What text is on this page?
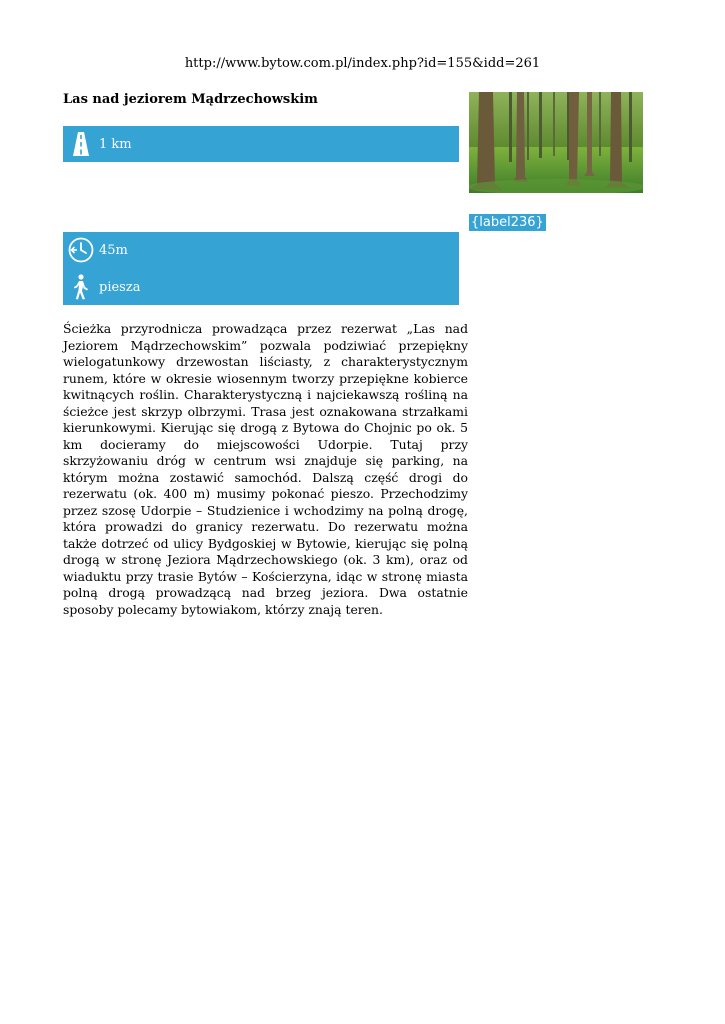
http://www.bytow.com.pl/index.php?id=155&idd=261
Las nad jeziorem Mądrzechowskim
1 km
{label236}
45m
piesza

Ścieżka przyrodnicza prowadząca przez rezerwat „Las nad Jeziorem Mądrzechowskim” pozwala podziwiać przepiękny wielogatunkowy drzewostan liściasty, z charakterystycznym runem, które w okresie wiosennym tworzy przepiękne kobierce kwitnących roślin. Charakterystyczną i najciekawszą rośliną na ścieżce jest skrzyp olbrzymi. Trasa jest oznakowana strzałkami kierunkowymi. Kierując się drogą z Bytowa do Chojnic po ok. 5 km docieramy do miejscowości Udorpie. Tutaj przy skrzyżowaniu dróg w centrum wsi znajduje się parking, na którym można zostawić samochód. Dalszą część drogi do rezerwatu (ok. 400 m) musimy pokonać pieszo. Przechodzimy przez szosę Udorpie – Studzienice i wchodzimy na polną drogę, która prowadzi do granicy rezerwatu. Do rezerwatu można także dotrzeć od ulicy Bydgoskiej w Bytowie, kierując się polną drogą w stronę Jeziora Mądrzechowskiego (ok. 3 km), oraz od wiaduktu przy trasie Bytów – Kościerzyna, idąc w stronę miasta polną drogą prowadzącą nad brzeg jeziora. Dwa ostatnie sposoby polecamy bytowiakom, którzy znają teren.
